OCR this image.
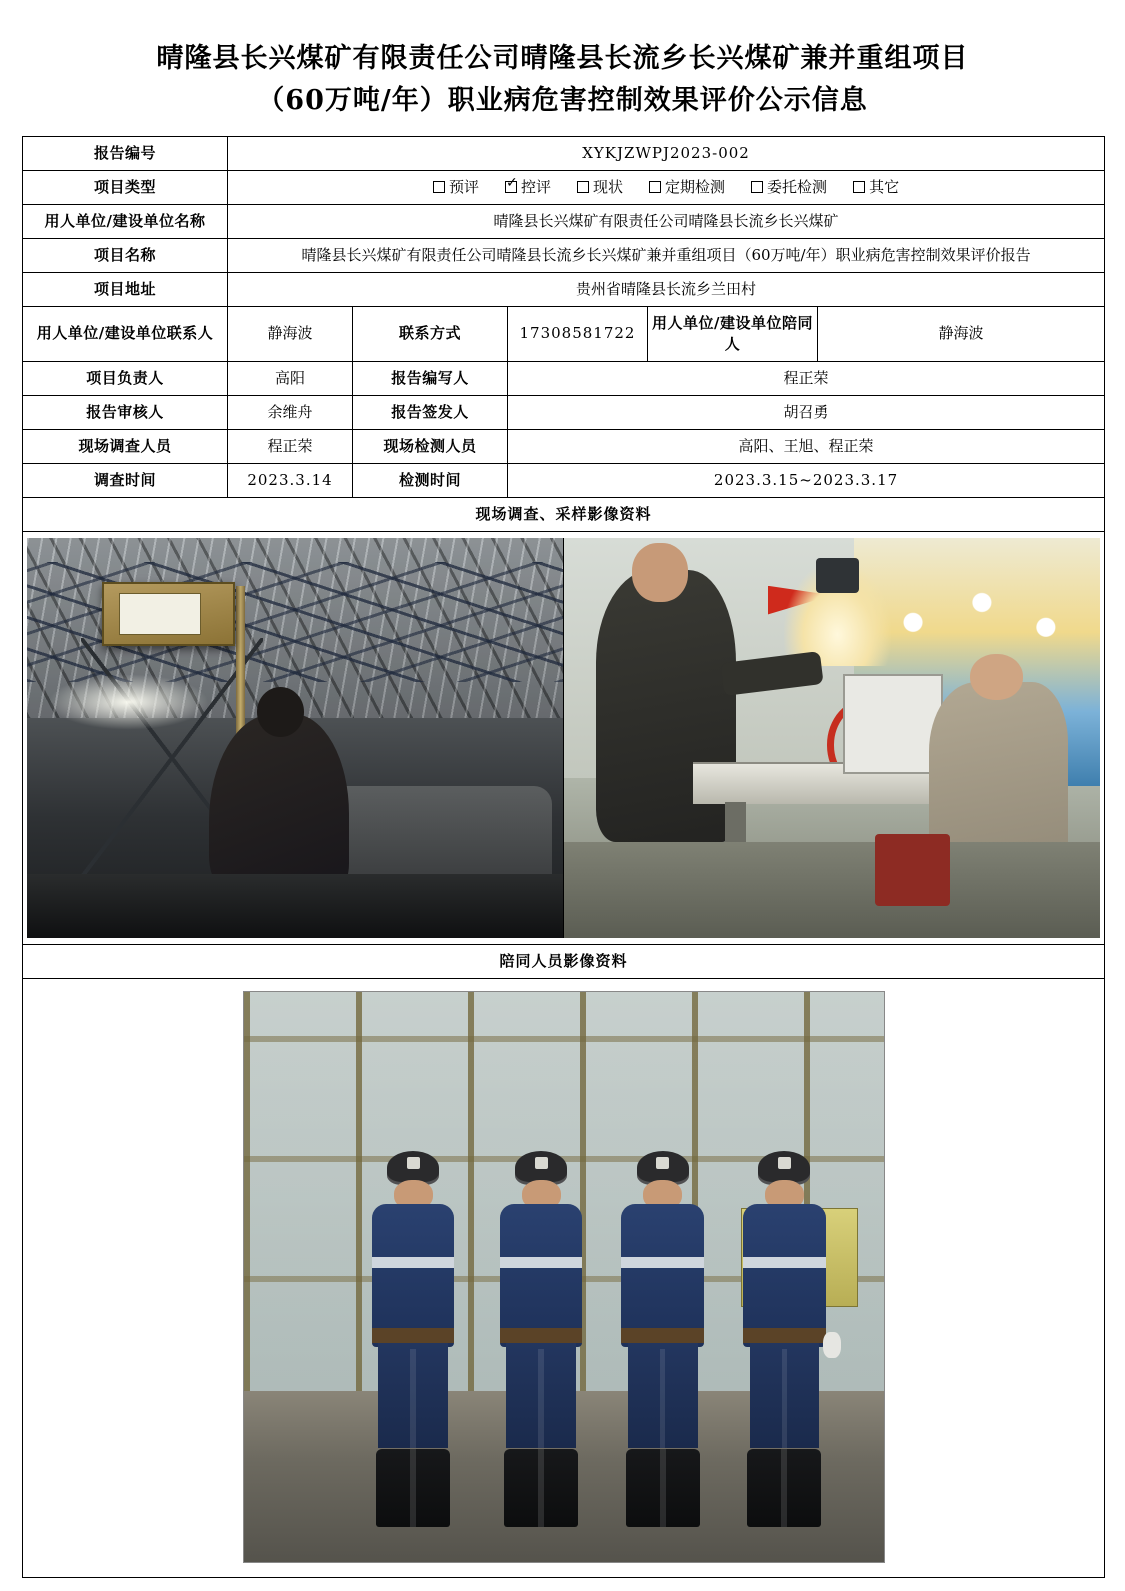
晴隆县长兴煤矿有限责任公司晴隆县长流乡长兴煤矿兼并重组项目
（60万吨/年）职业病危害控制效果评价公示信息
报告编号	XYKJZWPJ2023-002				
项目类型	预评 ✓	控评	现状	定期检测	委托检测	其它

用人单位/建设单位名称	晴隆县长兴煤矿有限责任公司晴隆县长流乡长兴煤矿				
项目名称	晴隆县长兴煤矿有限责任公司晴隆县长流乡长兴煤矿兼并重组项目（60万吨/年）职业病危害控制效果评价报告				
项目地址	贵州省晴隆县长流乡兰田村				
用人单位/建设单位联系人	静海波	联系方式	17308581722	用人单位/建设单位陪同人	静海波
项目负责人	高阳	报告编写人	程正荣		
报告审核人	余维舟	报告签发人	胡召勇		
现场调查人员	程正荣	现场检测人员	高阳、王旭、程正荣		
调查时间	2023.3.14	检测时间	2023.3.15~2023.3.17		
现场调查、采样影像资料					

陪同人员影像资料					
